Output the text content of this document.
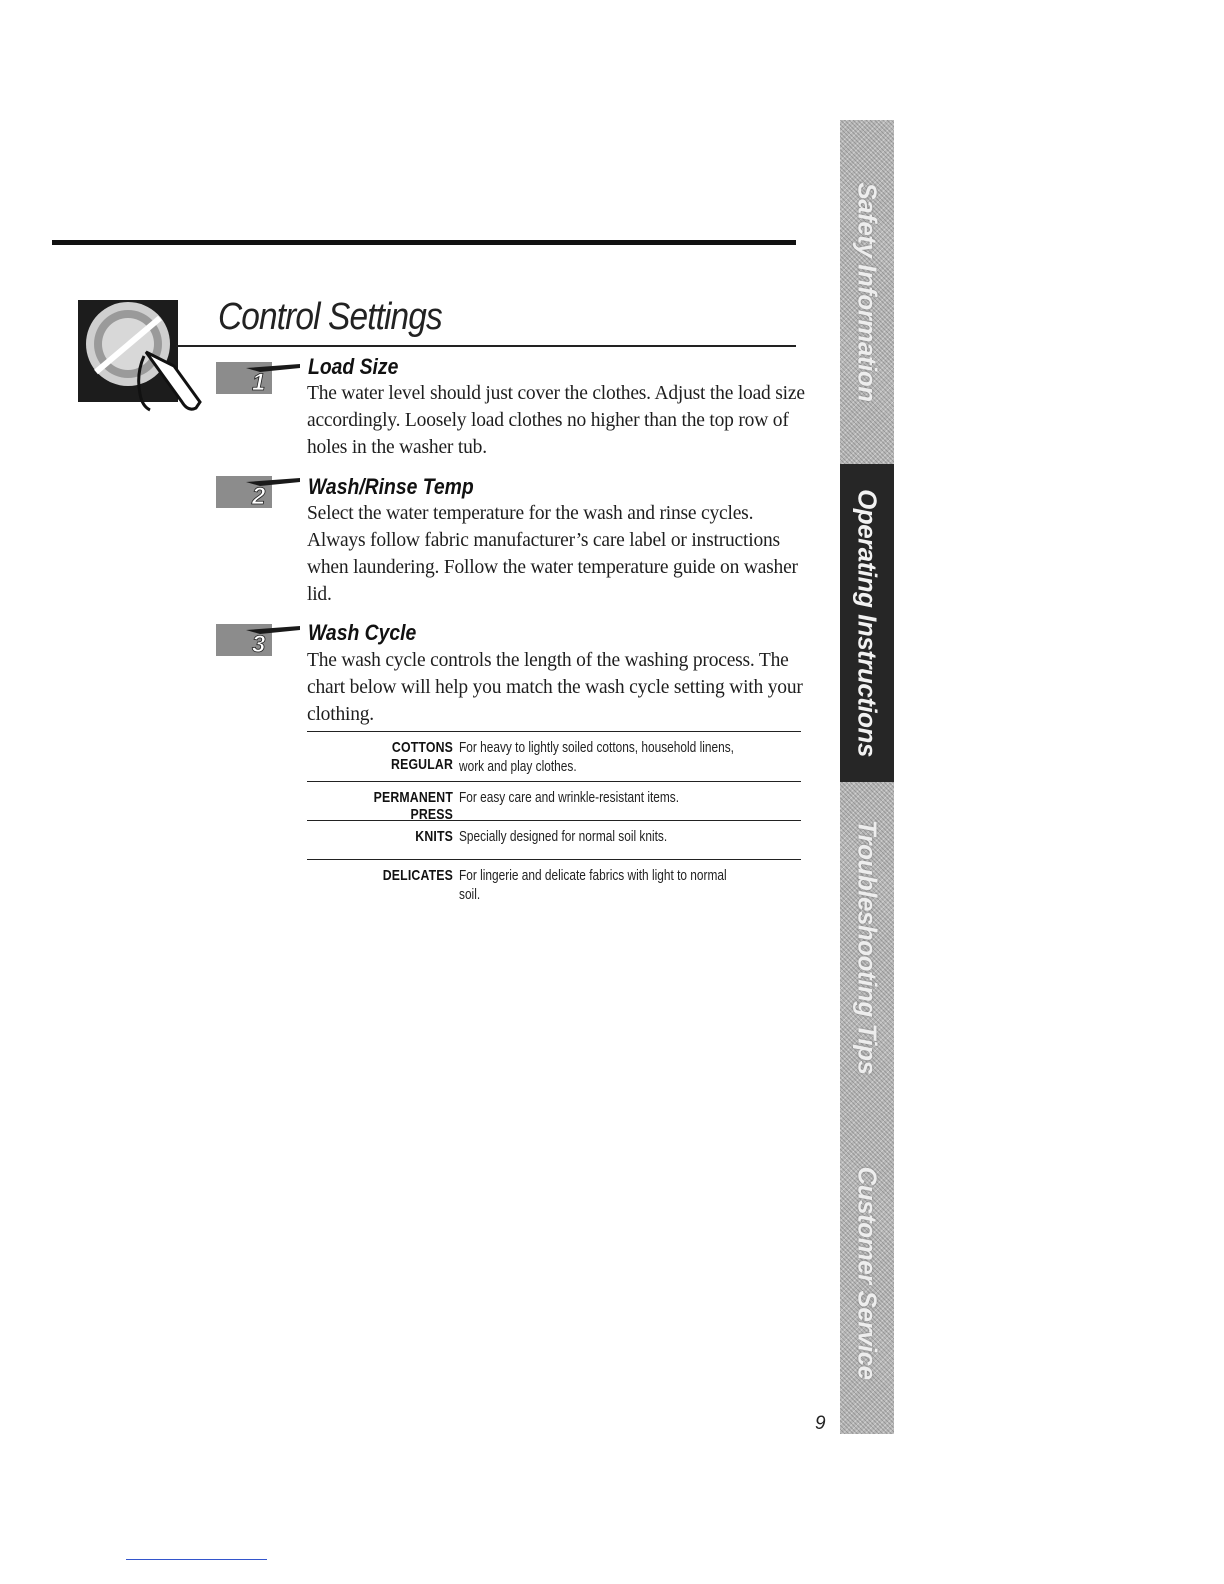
Control Settings
1
Load Size
The water level should just cover the clothes. Adjust the load size accordingly. Loosely load clothes no higher than the top row of holes in the washer tub.
2 Wash/Rinse Temp
Select the water temperature for the wash and rinse cycles. Always follow fabric manufacturer’s care label or instructions when laundering. Follow the water temperature guide on washer lid.
3 Wash Cycle
The wash cycle controls the length of the washing process. The chart below will help you match the wash cycle setting with your clothing.
COTTONS REGULAR
For heavy to lightly soiled cottons, household linens, work and play clothes.
PERMANENT PRESS
For easy care and wrinkle-resistant items.
KNITS Specially designed for normal soil knits.
DELICATES For lingerie and delicate fabrics with light to normal soil.
Safety Information
Operating Instructions
Troubleshooting Tips
Customer Service
9
